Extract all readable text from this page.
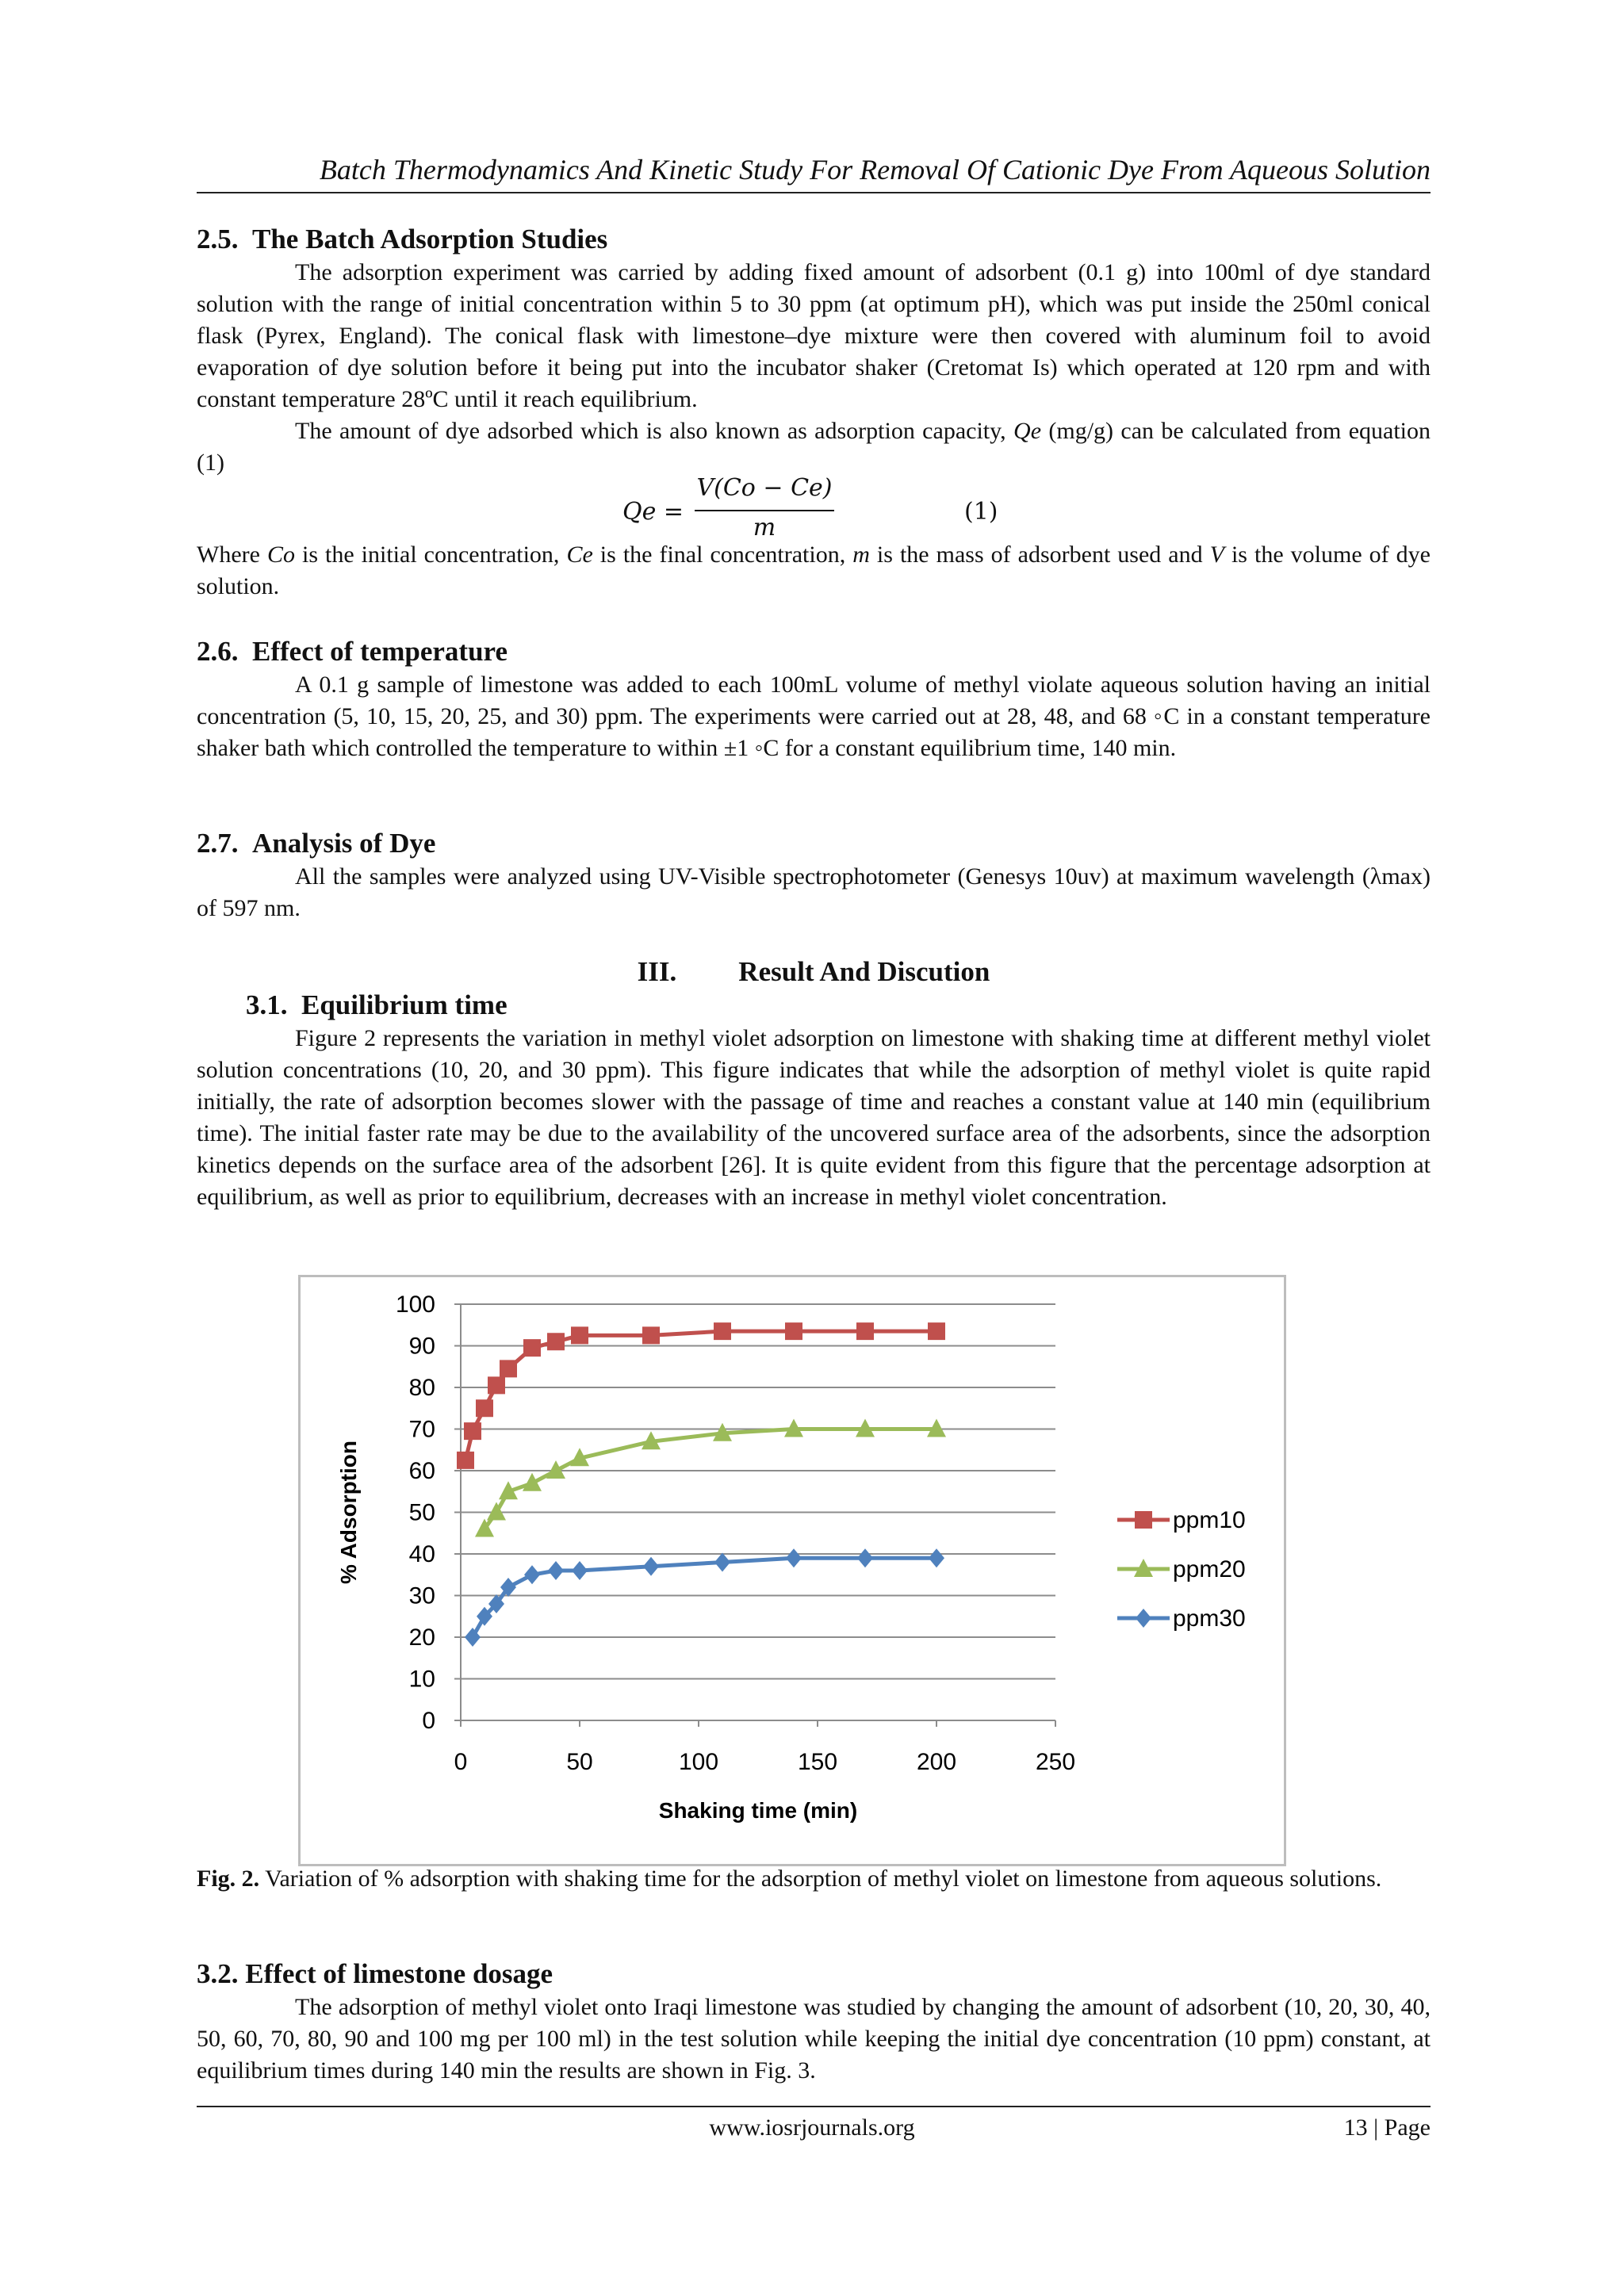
Batch Thermodynamics And Kinetic Study For Removal Of Cationic Dye From Aqueous Solution
2.5. The Batch Adsorption Studies

The adsorption experiment was carried by adding fixed amount of adsorbent (0.1 g) into 100ml of dye standard solution with the range of initial concentration within 5 to 30 ppm (at optimum pH), which was put inside the 250ml conical flask (Pyrex, England). The conical flask with limestone–dye mixture were then covered with aluminum foil to avoid evaporation of dye solution before it being put into the incubator shaker (Cretomat Is) which operated at 120 rpm and with constant temperature 28ºC until it reach equilibrium.

The amount of dye adsorbed which is also known as adsorption capacity, Qe (mg/g) can be calculated from equation (1)

Qe =
V(Co − Ce)
m
(1)

Where Co is the initial concentration, Ce is the final concentration, m is the mass of adsorbent used and V is the volume of dye solution.

2.6. Effect of temperature

A 0.1 g sample of limestone was added to each 100mL volume of methyl violate aqueous solution having an initial concentration (5, 10, 15, 20, 25, and 30) ppm. The experiments were carried out at 28, 48, and 68 ◦C in a constant temperature shaker bath which controlled the temperature to within ±1 ◦C for a constant equilibrium time, 140 min.

2.7. Analysis of Dye

All the samples were analyzed using UV-Visible spectrophotometer (Genesys 10uv) at maximum wavelength (λmax) of 597 nm.

III. Result And Discution
3.1. Equilibrium time

Figure 2 represents the variation in methyl violet adsorption on limestone with shaking time at different methyl violet solution concentrations (10, 20, and 30 ppm). This figure indicates that while the adsorption of methyl violet is quite rapid initially, the rate of adsorption becomes slower with the passage of time and reaches a constant value at 140 min (equilibrium time). The initial faster rate may be due to the availability of the uncovered surface area of the adsorbents, since the adsorption kinetics depends on the surface area of the adsorbent [26]. It is quite evident from this figure that the percentage adsorption at equilibrium, as well as prior to equilibrium, decreases with an increase in methyl violet concentration.

0
10
20
30
40
50
60
70
80
90
100
0	50	100	150	200	250
ppm10
ppm20
ppm30
% Adsorption
Shaking time (min)
Fig. 2. Variation of % adsorption with shaking time for the adsorption of methyl violet on limestone from aqueous solutions.
3.2. Effect of limestone dosage

The adsorption of methyl violet onto Iraqi limestone was studied by changing the amount of adsorbent (10, 20, 30, 40, 50, 60, 70, 80, 90 and 100 mg per 100 ml) in the test solution while keeping the initial dye concentration (10 ppm) constant, at equilibrium times during 140 min the results are shown in Fig. 3.

www.iosrjournals.org	13 | Page
